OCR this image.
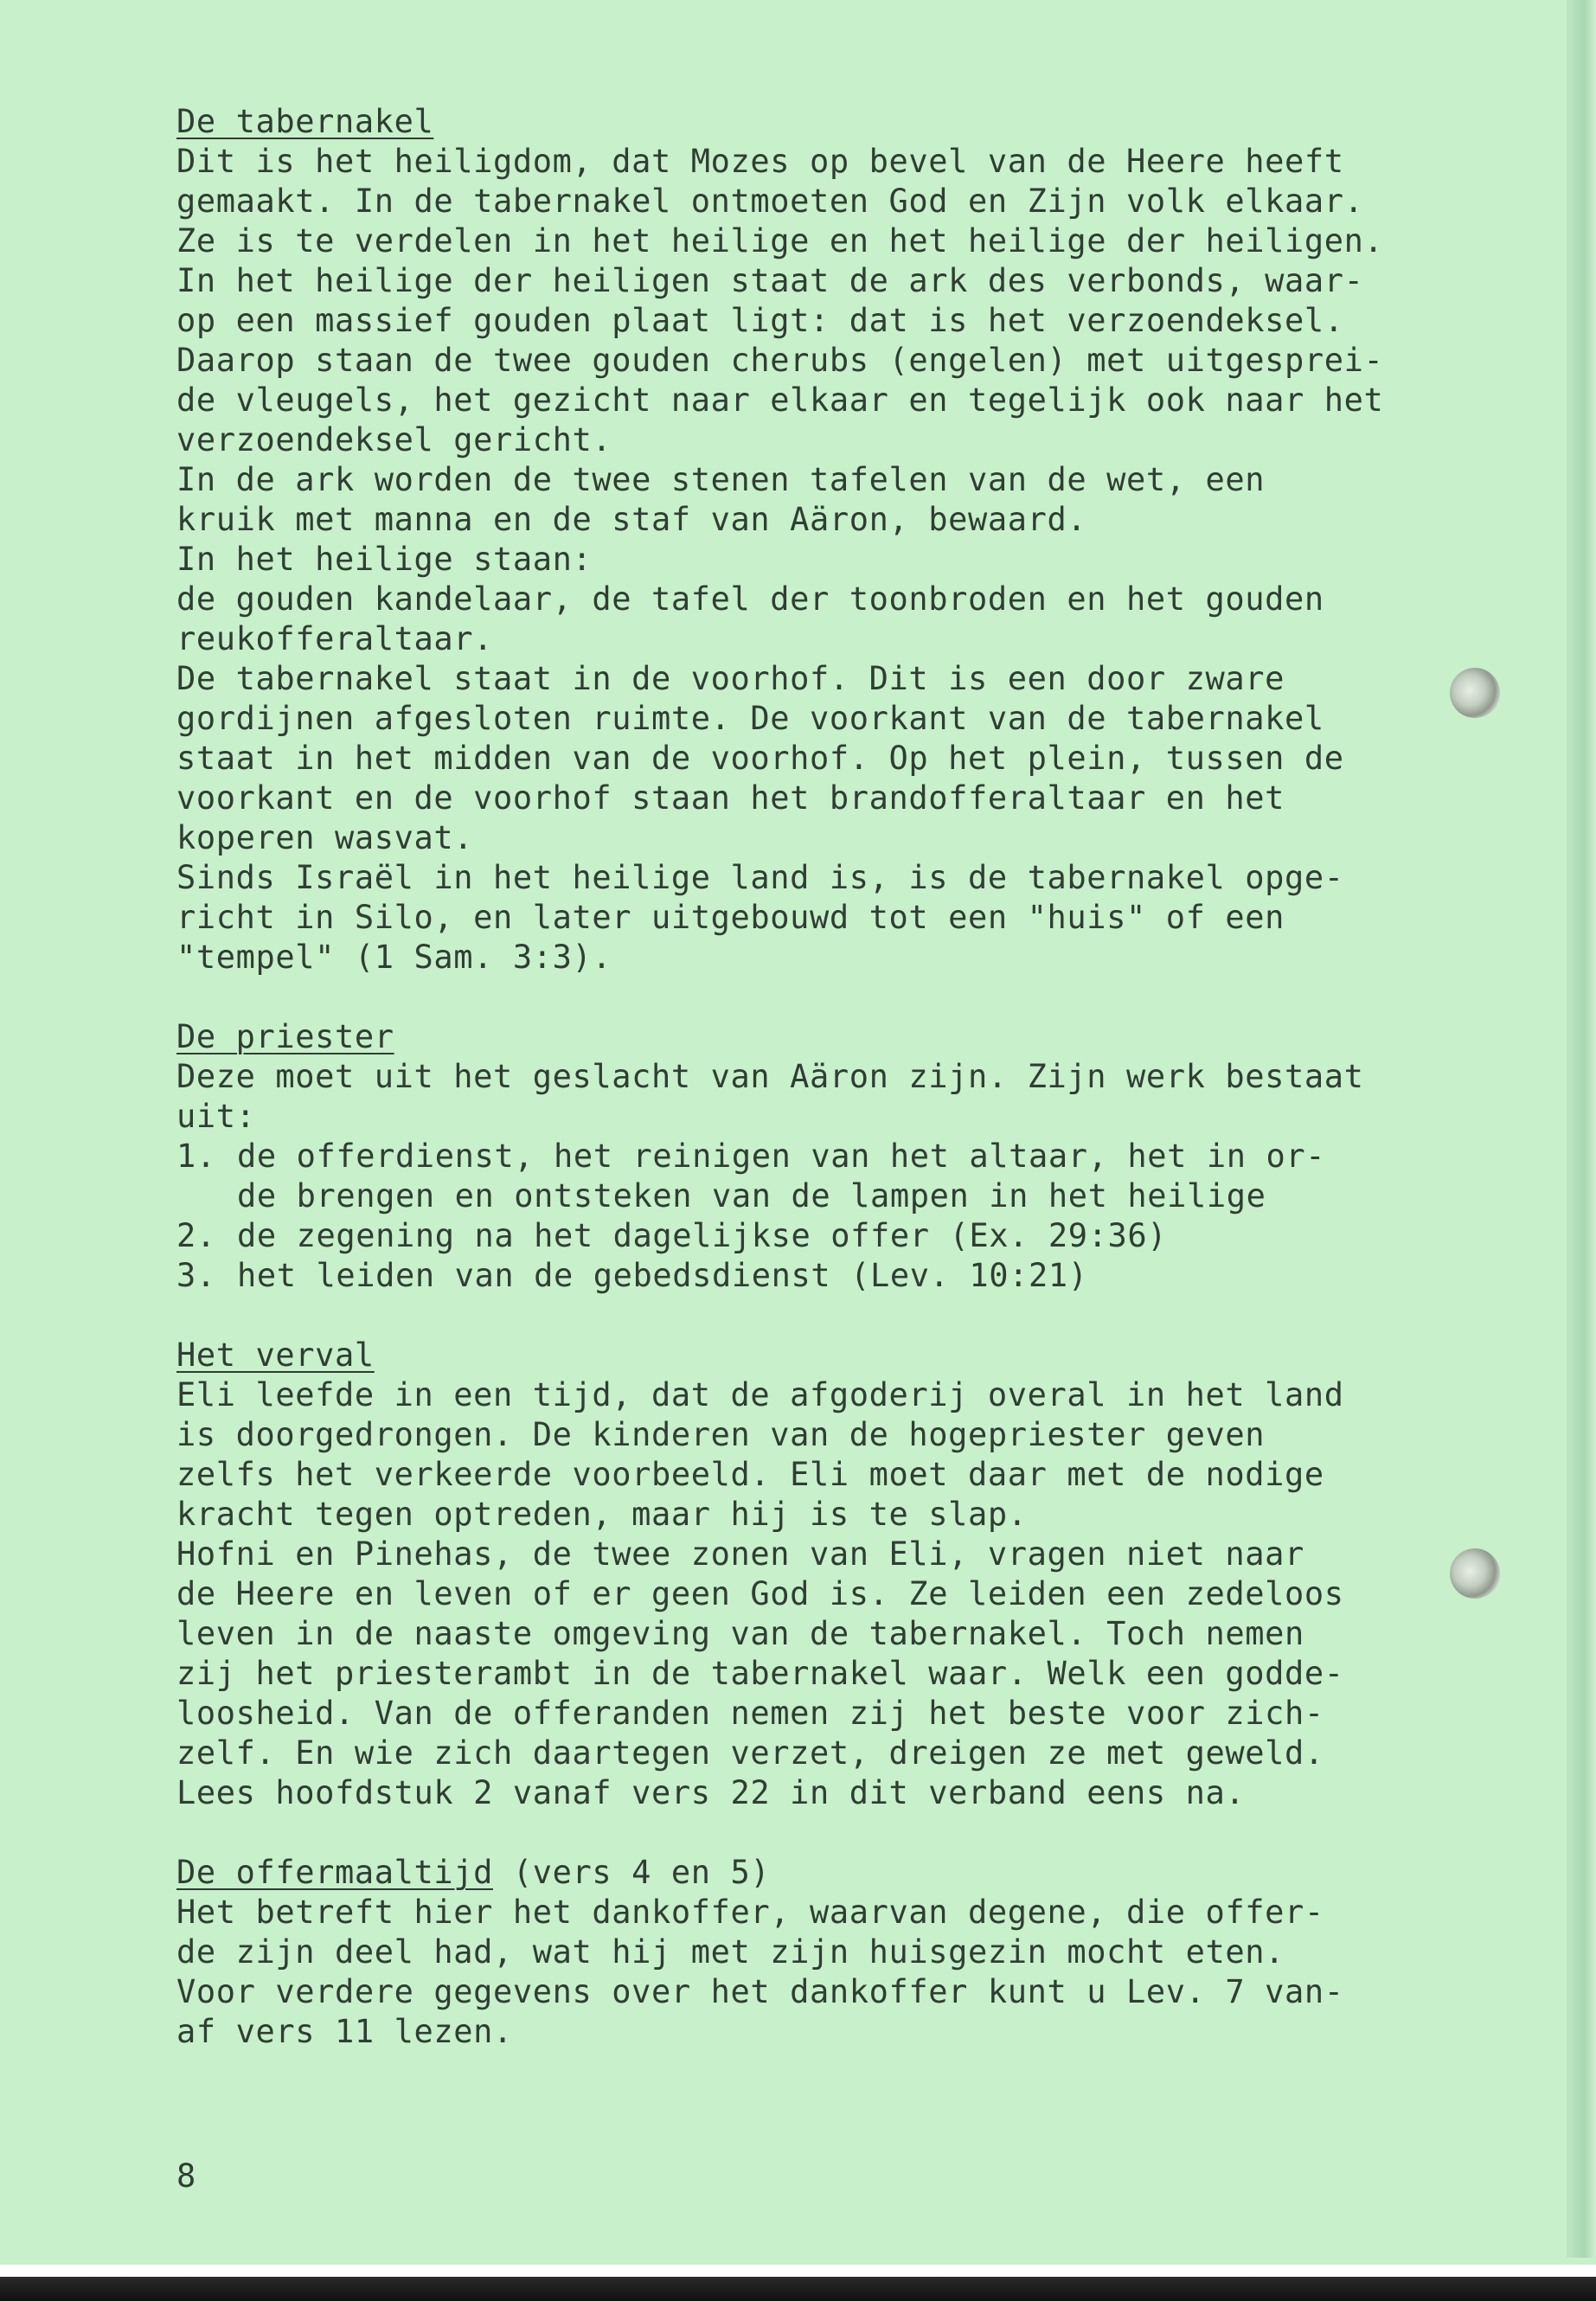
De tabernakel
Dit is het heiligdom, dat Mozes op bevel van de Heere heeft
gemaakt. In de tabernakel ontmoeten God en Zijn volk elkaar.
Ze is te verdelen in het heilige en het heilige der heiligen.
In het heilige der heiligen staat de ark des verbonds, waar-
op een massief gouden plaat ligt: dat is het verzoendeksel.
Daarop staan de twee gouden cherubs (engelen) met uitgesprei-
de vleugels, het gezicht naar elkaar en tegelijk ook naar het
verzoendeksel gericht.
In de ark worden de twee stenen tafelen van de wet, een
kruik met manna en de staf van Aäron, bewaard.
In het heilige staan:
de gouden kandelaar, de tafel der toonbroden en het gouden
reukofferaltaar.
De tabernakel staat in de voorhof. Dit is een door zware
gordijnen afgesloten ruimte. De voorkant van de tabernakel
staat in het midden van de voorhof. Op het plein, tussen de
voorkant en de voorhof staan het brandofferaltaar en het
koperen wasvat.
Sinds Israël in het heilige land is, is de tabernakel opge-
richt in Silo, en later uitgebouwd tot een "huis" of een
"tempel" (1 Sam. 3:3).
De priester
Deze moet uit het geslacht van Aäron zijn. Zijn werk bestaat
uit:
1. de offerdienst, het reinigen van het altaar, het in or-
de brengen en ontsteken van de lampen in het heilige
2. de zegening na het dagelijkse offer (Ex. 29:36)
3. het leiden van de gebedsdienst (Lev. 10:21)
Het verval
Eli leefde in een tijd, dat de afgoderij overal in het land
is doorgedrongen. De kinderen van de hogepriester geven
zelfs het verkeerde voorbeeld. Eli moet daar met de nodige
kracht tegen optreden, maar hij is te slap.
Hofni en Pinehas, de twee zonen van Eli, vragen niet naar
de Heere en leven of er geen God is. Ze leiden een zedeloos
leven in de naaste omgeving van de tabernakel. Toch nemen
zij het priesterambt in de tabernakel waar. Welk een godde-
loosheid. Van de offeranden nemen zij het beste voor zich-
zelf. En wie zich daartegen verzet, dreigen ze met geweld.
Lees hoofdstuk 2 vanaf vers 22 in dit verband eens na.
De offermaaltijd (vers 4 en 5)
Het betreft hier het dankoffer, waarvan degene, die offer-
de zijn deel had, wat hij met zijn huisgezin mocht eten.
Voor verdere gegevens over het dankoffer kunt u Lev. 7 van-
af vers 11 lezen.
8
